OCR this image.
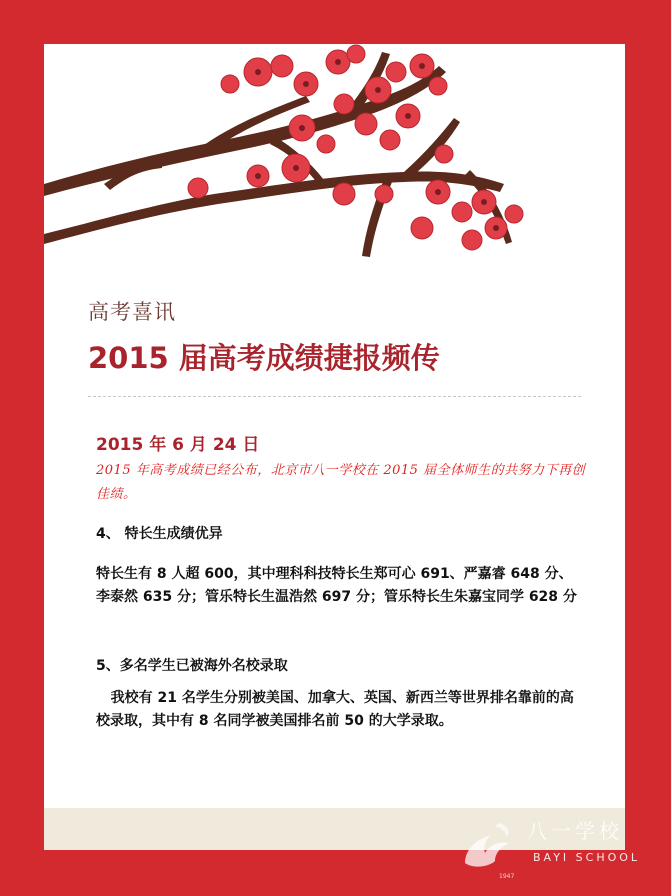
高考喜讯
2015 届高考成绩捷报频传
2015 年 6 月 24 日
2015 年高考成绩已经公布，北京市八一学校在 2015 届全体师生的共努力下再创佳绩。
4、 特长生成绩优异
特长生有 8 人超 600，其中理科科技特长生郑可心 691、严嘉睿 648 分、李泰然 635 分；管乐特长生温浩然 697 分；管乐特长生朱嘉宝同学 628 分
5、多名学生已被海外名校录取
我校有 21 名学生分别被美国、加拿大、英国、新西兰等世界排名靠前的高校录取，其中有 8 名同学被美国排名前 50 的大学录取。
八一学校
BAYI SCHOOL
1947
